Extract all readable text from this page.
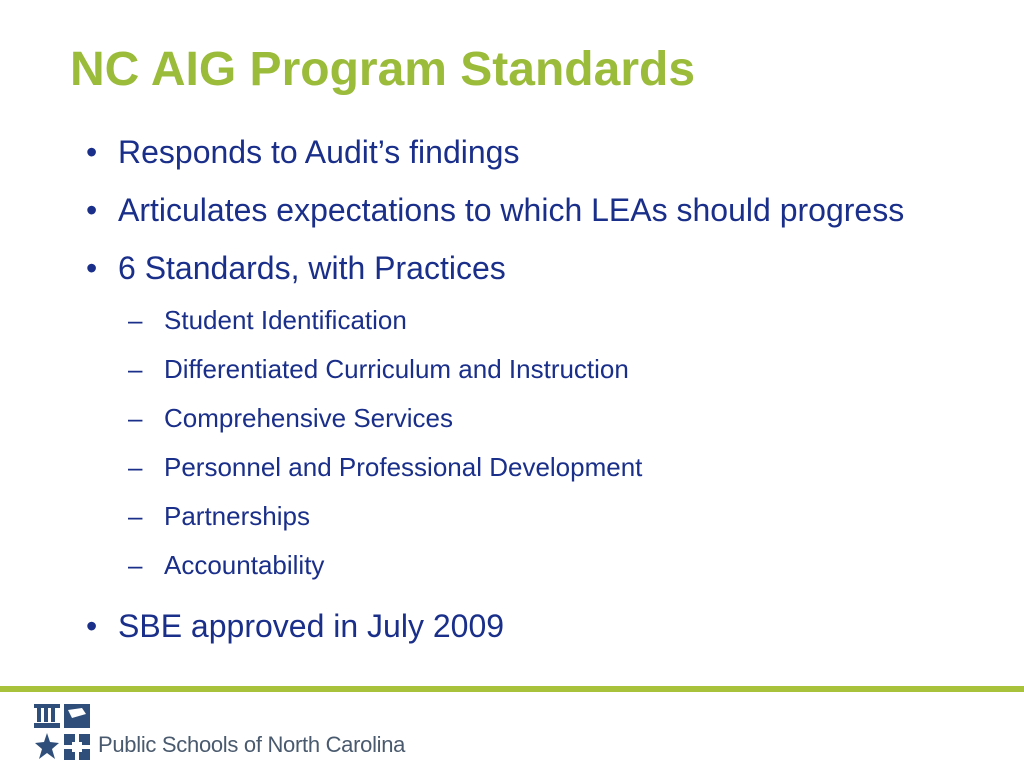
NC AIG Program Standards
• Responds to Audit’s findings
• Articulates expectations to which LEAs should progress
• 6 Standards, with Practices
– Student Identification
– Differentiated Curriculum and Instruction
– Comprehensive Services
– Personnel and Professional Development
– Partnerships
– Accountability
• SBE approved in July 2009
Public Schools of North Carolina
